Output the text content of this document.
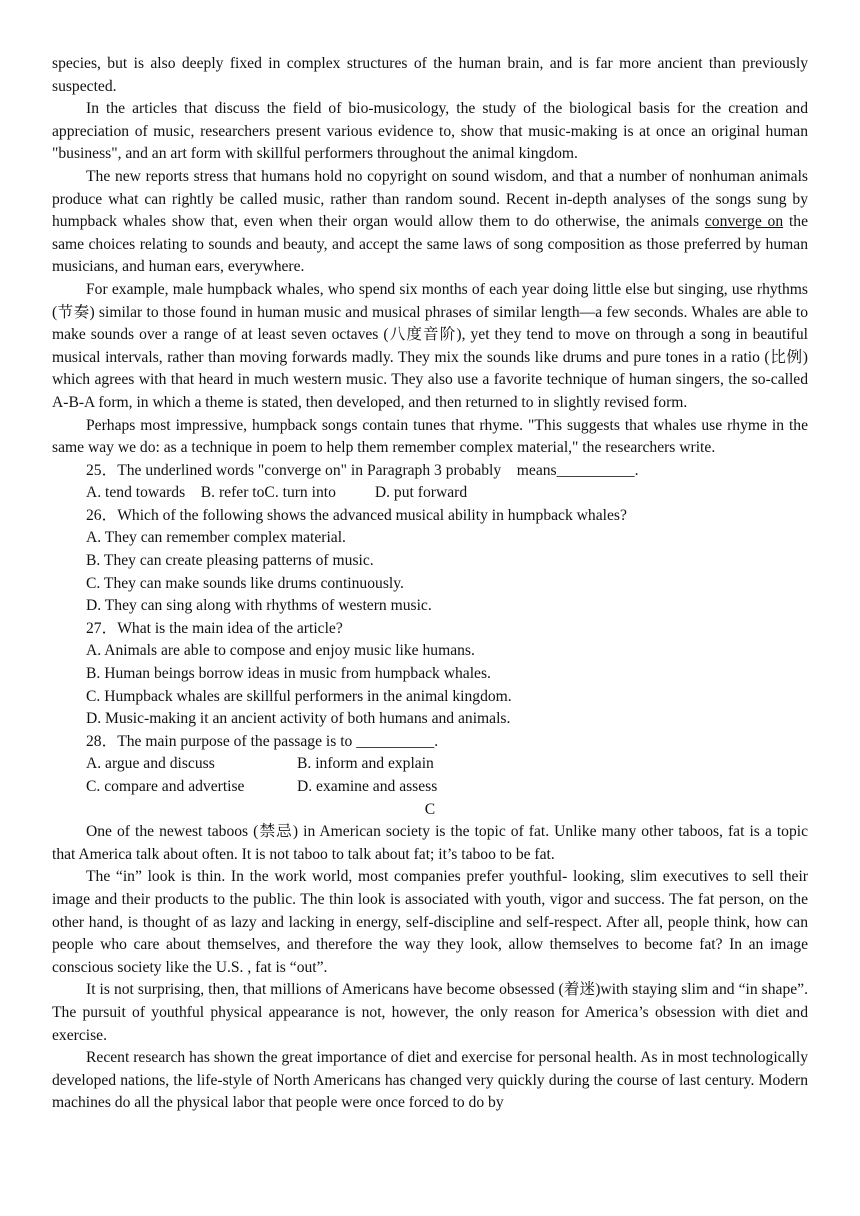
species, but is also deeply fixed in complex structures of the human brain, and is far more ancient than previously suspected.

In the articles that discuss the field of bio-musicology, the study of the biological basis for the creation and appreciation of music, researchers present various evidence to, show that music-making is at once an original human "business", and an art form with skillful performers throughout the animal kingdom.

The new reports stress that humans hold no copyright on sound wisdom, and that a number of nonhuman animals produce what can rightly be called music, rather than random sound. Recent in-depth analyses of the songs sung by humpback whales show that, even when their organ would allow them to do otherwise, the animals converge on the same choices relating to sounds and beauty, and accept the same laws of song composition as those preferred by human musicians, and human ears, everywhere.

For example, male humpback whales, who spend six months of each year doing little else but singing, use rhythms (节奏) similar to those found in human music and musical phrases of similar length—a few seconds. Whales are able to make sounds over a range of at least seven octaves (八度音阶), yet they tend to move on through a song in beautiful musical intervals, rather than moving forwards madly. They mix the sounds like drums and pure tones in a ratio (比例) which agrees with that heard in much western music. They also use a favorite technique of human singers, the so-called A-B-A form, in which a theme is stated, then developed, and then returned to in slightly revised form.

Perhaps most impressive, humpback songs contain tunes that rhyme. "This suggests that whales use rhyme in the same way we do: as a technique in poem to help them remember complex material," the researchers write.

25．The underlined words "converge on" in Paragraph 3 probably    means__________.
A. tend towards    B. refer toC. turn into          D. put forward
26．Which of the following shows the advanced musical ability in humpback whales?
A. They can remember complex material.
B. They can create pleasing patterns of music.
C. They can make sounds like drums continuously.
D. They can sing along with rhythms of western music.
27．What is the main idea of the article?
A. Animals are able to compose and enjoy music like humans.
B. Human beings borrow ideas in music from humpback whales.
C. Humpback whales are skillful performers in the animal kingdom.
D. Music-making it an ancient activity of both humans and animals.
28．The main purpose of the passage is to __________.
A. argue and discuss	B. inform and explain
C. compare and advertise	D. examine and assess
C

One of the newest taboos (禁忌) in American society is the topic of fat. Unlike many other taboos, fat is a topic that America talk about often. It is not taboo to talk about fat; it’s taboo to be fat.

The “in” look is thin. In the work world, most companies prefer youthful- looking, slim executives to sell their image and their products to the public. The thin look is associated with youth, vigor and success. The fat person, on the other hand, is thought of as lazy and lacking in energy, self-discipline and self-respect. After all, people think, how can people who care about themselves, and therefore the way they look, allow themselves to become fat? In an image conscious society like the U.S. , fat is “out”.

It is not surprising, then, that millions of Americans have become obsessed (着迷)with staying slim and “in shape”. The pursuit of youthful physical appearance is not, however, the only reason for America’s obsession with diet and exercise.

Recent research has shown the great importance of diet and exercise for personal health. As in most technologically developed nations, the life-style of North Americans has changed very quickly during the course of last century. Modern machines do all the physical labor that people were once forced to do by
